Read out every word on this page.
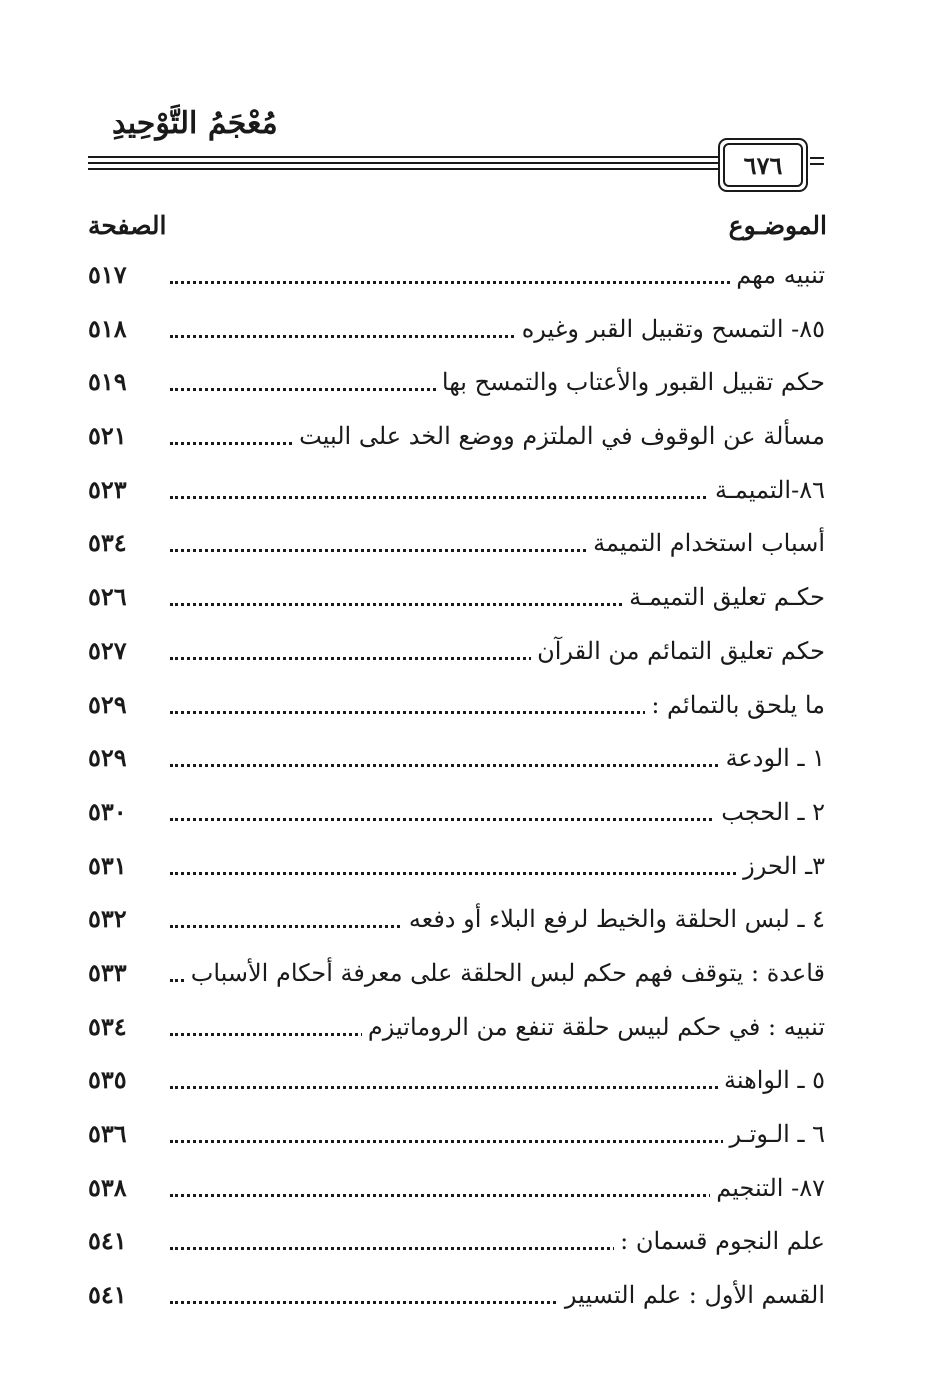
مُعْجَمُ التَّوْحِيدِ
٦٧٦
الموضـوع
الصفحة
تنبيه مهم
٥١٧
٨٥- التمسح وتقبيل القبر وغيره
٥١٨
حكم تقبيل القبور والأعتاب والتمسح بها
٥١٩
مسألة عن الوقوف في الملتزم ووضع الخد على البيت
٥٢١
٨٦-التميمـة
٥٢٣
أسباب استخدام التميمة
٥٣٤
حكـم تعليق التميمـة
٥٢٦
حكم تعليق التمائم من القرآن
٥٢٧
ما يلحق بالتمائم :
٥٢٩
١ ـ الودعة
٥٢٩
٢ ـ الحجب
٥٣٠
٣ـ الحرز
٥٣١
٤ ـ لبس الحلقة والخيط لرفع البلاء أو دفعه
٥٣٢
قاعدة : يتوقف فهم حكم لبس الحلقة على معرفة أحكام الأسباب
٥٣٣
تنبيه : في حكم لبيس حلقة تنفع من الروماتيزم
٥٣٤
٥ ـ الواهنة
٥٣٥
٦ ـ الـوتـر
٥٣٦
٨٧- التنجيم
٥٣٨
علم النجوم قسمان :
٥٤١
القسم الأول : علم التسيير
٥٤١
